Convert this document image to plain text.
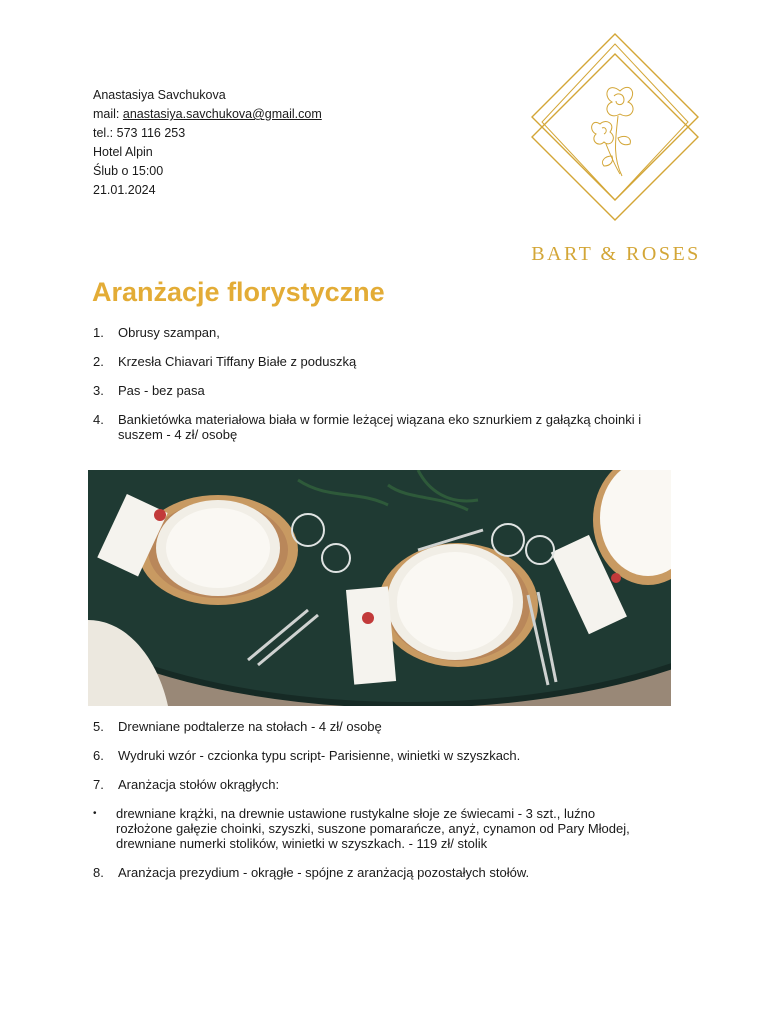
Anastasiya Savchukova
mail: anastasiya.savchukova@gmail.com
tel.: 573 116 253
Hotel Alpin
Ślub o 15:00
21.01.2024
BART & ROSES
Aranżacje florystyczne
1.	Obrusy szampan,
2.	Krzesła Chiavari Tiffany Białe z poduszką
3.	Pas - bez pasa
4.	Bankietówka materiałowa biała w formie leżącej wiązana eko sznurkiem z gałązką choinki i suszem - 4 zł/ osobę
5.	Drewniane podtalerze na stołach - 4 zł/ osobę
6.	Wydruki wzór - czcionka typu script- Parisienne, winietki w szyszkach.
7.	Aranżacja stołów okrągłych:
•	drewniane krążki, na drewnie ustawione rustykalne słoje ze świecami - 3 szt., luźno rozłożone gałęzie choinki, szyszki, suszone pomarańcze, anyż, cynamon od Pary Młodej, drewniane numerki stolików, winietki w szyszkach. - 119 zł/ stolik
8.	Aranżacja prezydium - okrągłe - spójne z aranżacją pozostałych stołów.
